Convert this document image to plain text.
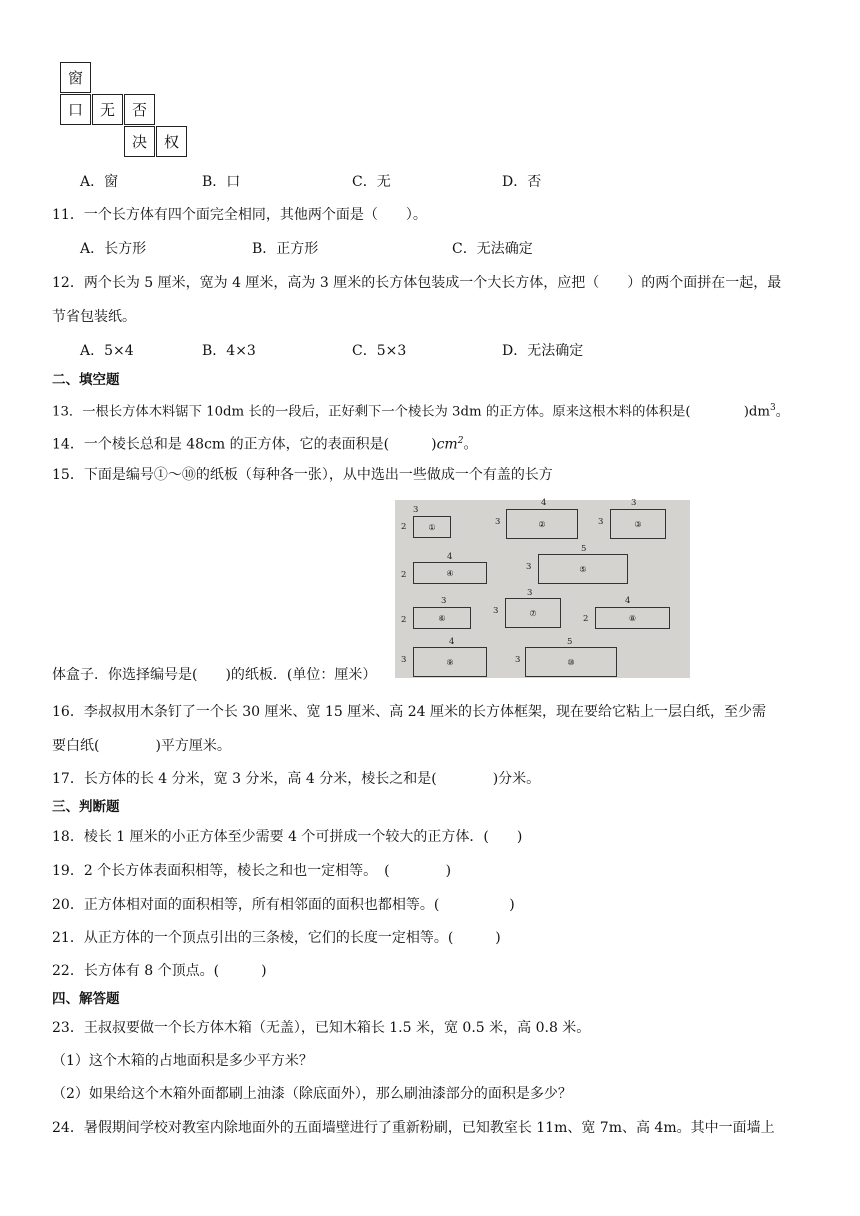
窗
口	无	否
决	权
A．窗	B．口	C．无	D．否
11．一个长方体有四个面完全相同，其他两个面是（　　）。
A．长方形	B．正方形	C．无法确定
12．两个长为 5 厘米，宽为 4 厘米，高为 3 厘米的长方体包装成一个大长方体，应把（　　）的两个面拼在一起，最
节省包装纸。
A．5×4	B．4×3	C．5×3	D．无法确定
二、填空题
13．一根长方体木料锯下 10dm 长的一段后，正好剩下一个棱长为 3dm 的正方体。原来这根木料的体积是(　　　　)$dm^3$。
14．一个棱长总和是 48cm 的正方体，它的表面积是(　　　)$cm^2$。
15．下面是编号①～⑩的纸板（每种各一张），从中选出一些做成一个有盖的长方
3
2	①
4
3	②
3
3	③
4
2	④
5
3	⑤
3
2	⑥
3
3	⑦
4
2	⑧
4
3	⑨
5
3	⑩
体盒子．你选择编号是(　　)的纸板．(单位：厘米）
16．李叔叔用木条钉了一个长 30 厘米、宽 15 厘米、高 24 厘米的长方体框架，现在要给它粘上一层白纸，至少需
要白纸(　　　　)平方厘米。
17．长方体的长 4 分米，宽 3 分米，高 4 分米，棱长之和是(　　　　)分米。
三、判断题
18．棱长 1 厘米的小正方体至少需要 4 个可拼成一个较大的正方体．(　　)
19．2 个长方体表面积相等，棱长之和也一定相等。　(　　　　)
20．正方体相对面的面积相等，所有相邻面的面积也都相等。(　　　　　)
21．从正方体的一个顶点引出的三条棱，它们的长度一定相等。(　　　)
22．长方体有 8 个顶点。(　　　)
四、解答题
23．王叔叔要做一个长方体木箱（无盖），已知木箱长 1.5 米，宽 0.5 米，高 0.8 米。
（1）这个木箱的占地面积是多少平方米？
（2）如果给这个木箱外面都刷上油漆（除底面外），那么刷油漆部分的面积是多少？
24．暑假期间学校对教室内除地面外的五面墙壁进行了重新粉刷，已知教室长 11m、宽 7m、高 4m。其中一面墙上
